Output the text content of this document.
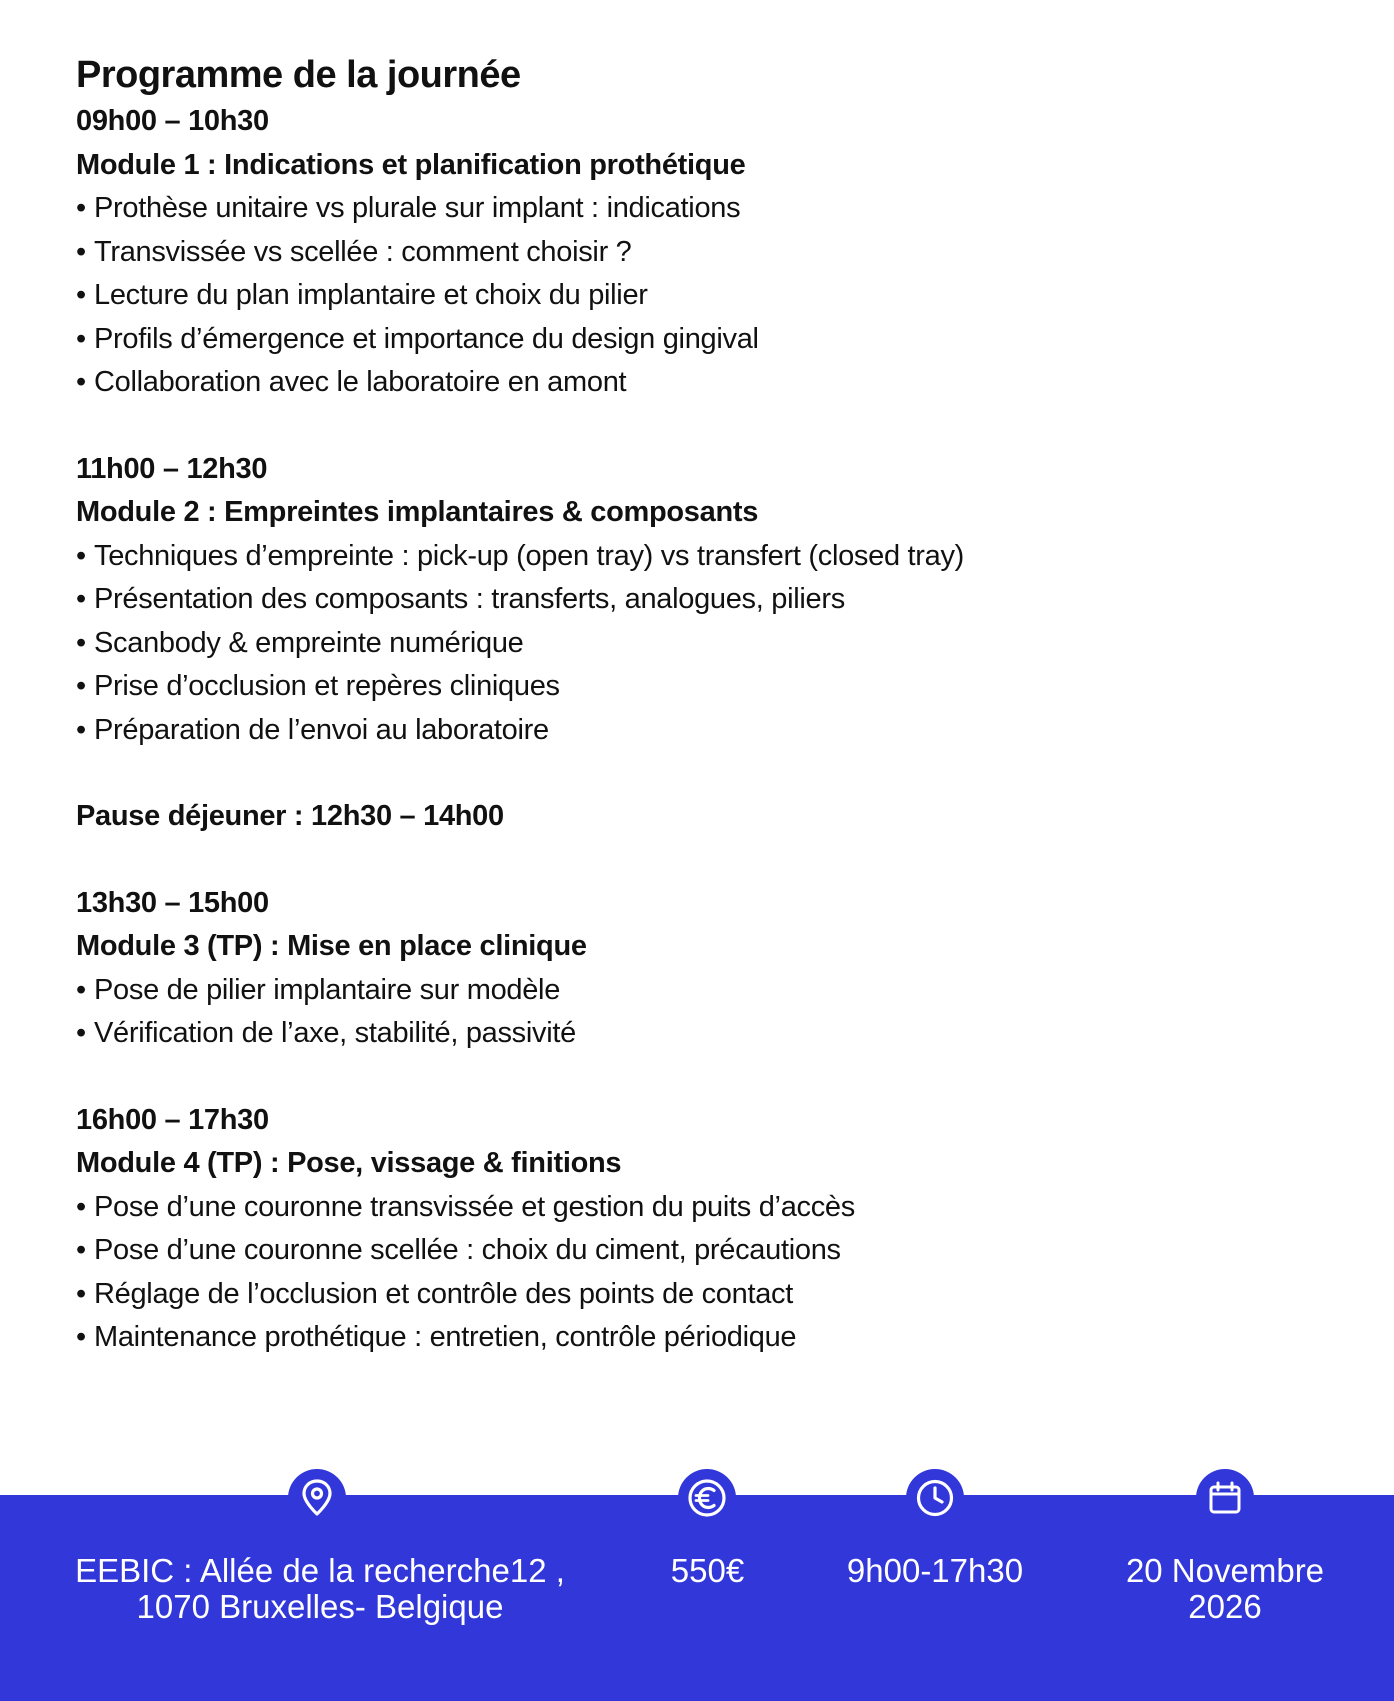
Programme de la journée
09h00 – 10h30
Module 1 : Indications et planification prothétique
• Prothèse unitaire vs plurale sur implant : indications
• Transvissée vs scellée : comment choisir ?
• Lecture du plan implantaire et choix du pilier
• Profils d’émergence et importance du design gingival
• Collaboration avec le laboratoire en amont
11h00 – 12h30
Module 2 : Empreintes implantaires & composants
• Techniques d’empreinte : pick-up (open tray) vs transfert (closed tray)
• Présentation des composants : transferts, analogues, piliers
• Scanbody & empreinte numérique
• Prise d’occlusion et repères cliniques
• Préparation de l’envoi au laboratoire
Pause déjeuner : 12h30 – 14h00
13h30 – 15h00
Module 3 (TP) : Mise en place clinique
• Pose de pilier implantaire sur modèle
• Vérification de l’axe, stabilité, passivité
16h00 – 17h30
Module 4 (TP) : Pose, vissage & finitions
• Pose d’une couronne transvissée et gestion du puits d’accès
• Pose d’une couronne scellée : choix du ciment, précautions
• Réglage de l’occlusion et contrôle des points de contact
• Maintenance prothétique : entretien, contrôle périodique
EEBIC : Allée de la recherche12 ,
1070 Bruxelles- Belgique
550€	9h00-17h30	20 Novembre
2026
